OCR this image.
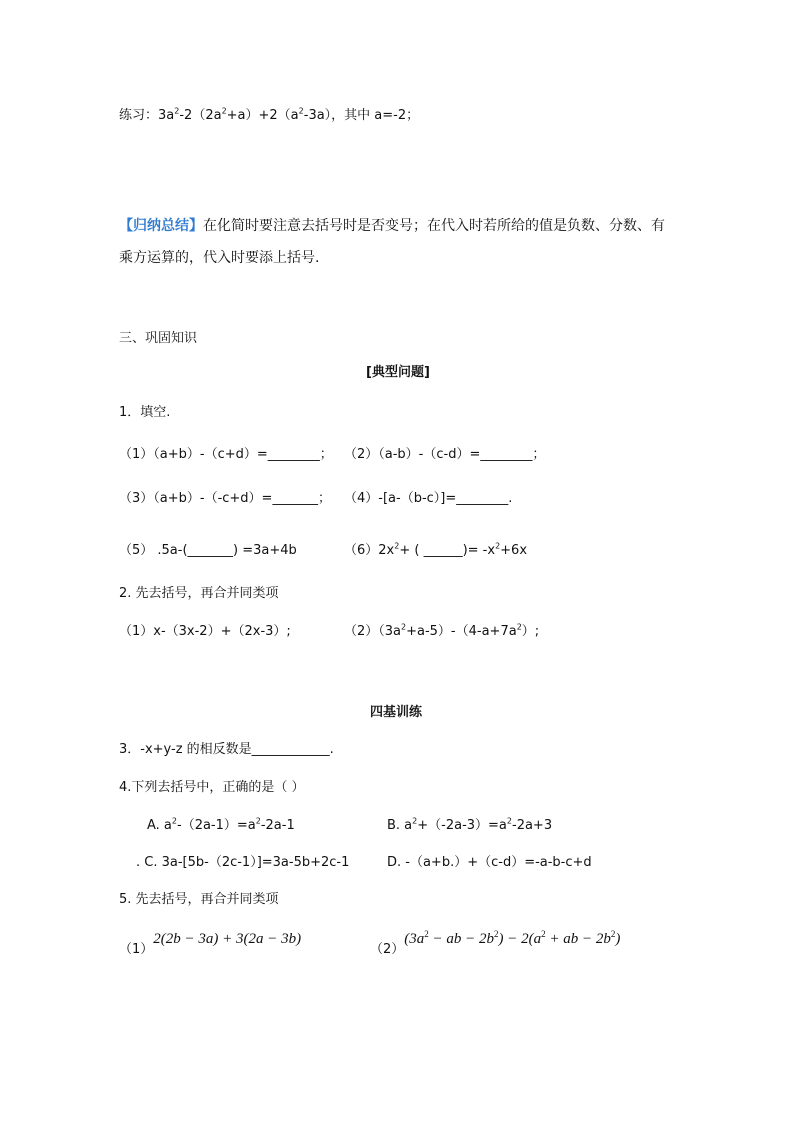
练习：$3a^2-2(2a^2+a)+2(a^2-3a)$，其中 a=-2；
【归纳总结】在化简时要注意去括号时是否变号；在代入时若所给的值是负数、分数、有
乘方运算的，代入时要添上括号.
三、巩固知识
[典型问题]
1．填空.
（1）（a+b）-（c+d）=________； （2）（a-b）-（c-d）=________；
（3）（a+b）-（-c+d）=_______； （4）-[a-（b-c）]=________.
（5） .5a-(_______) =3a+4b	$(6)2x^2+$ ( ______)= $-x^2+6x$
2. 先去括号，再合并同类项
（1）x-（3x-2）+（2x-3）;	$(2)(3a^2+a-5)-(4-a+7a^2)$;
四基训练
3．-x+y-z 的相反数是____________.
4.下列去括号中，正确的是（ ）
A. $a^2-(2a-1)=a^2-2a-1$	B. $a^2+(-2a-3)=a^2-2a+3$
. C. 3a-[5b-（2c-1）]=3a-5b+2c-1	D. -（a+b.）+（c-d）=-a-b-c+d
5. 先去括号，再合并同类项
（1）2(2b − 3a) + 3(2a − 3b)
$(2)(3a^2$ − ab − $2b^2) - 2(a^2$ + ab − $2b^2$)
